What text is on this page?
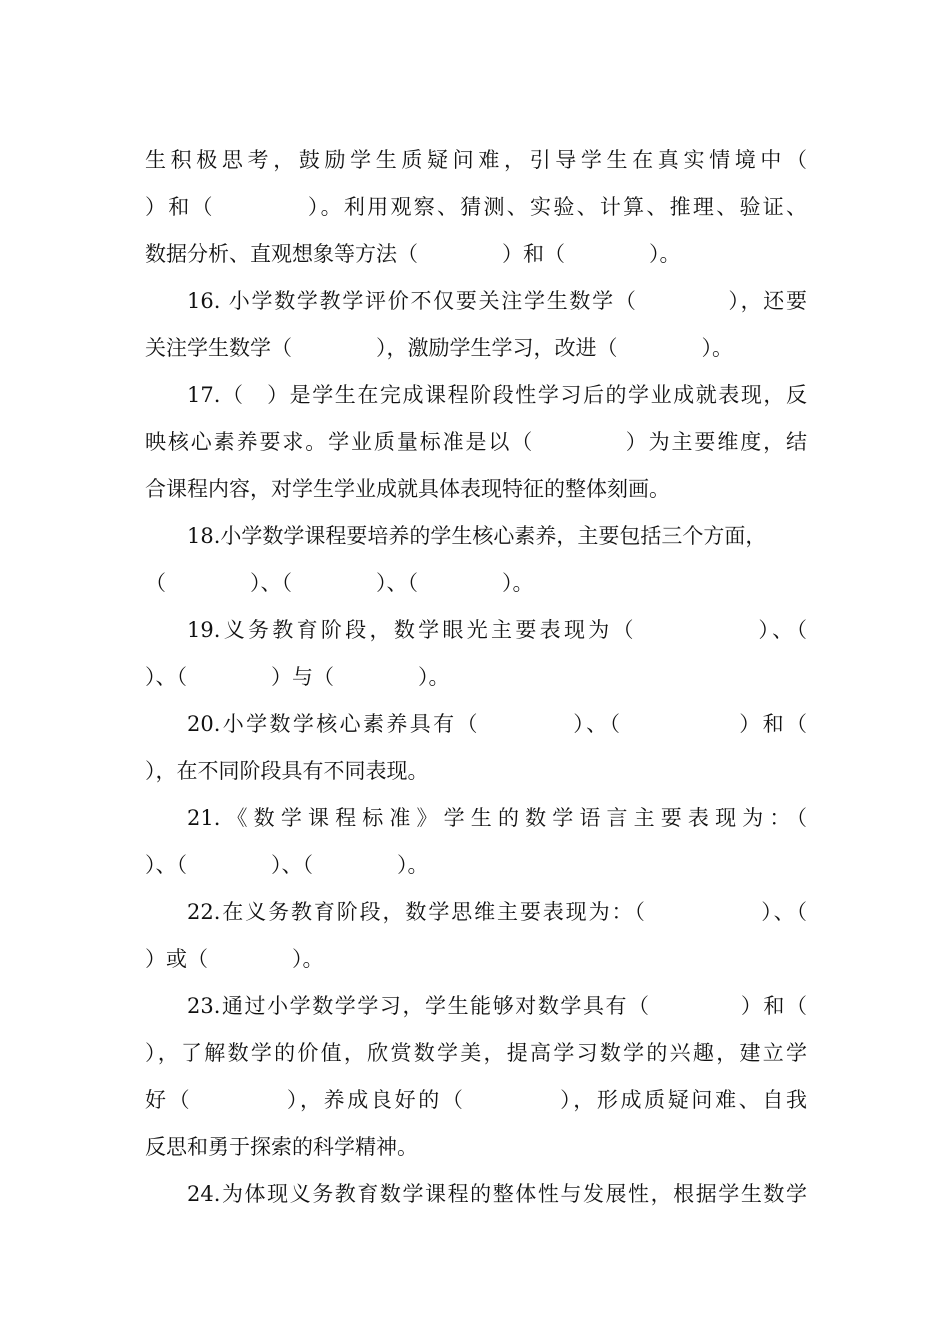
生积极思考，鼓励学生质疑问难，引导学生在真实情境中（
）和（　　　　）。利用观察、猜测、实验、计算、推理、验证、
数据分析、直观想象等方法（　　　　）和（　　　　）。
16. 小学数学教学评价不仅要关注学生数学（　　　　），还要
关注学生数学（　　　　），激励学生学习，改进（　　　　）。
17.（　）是学生在完成课程阶段性学习后的学业成就表现，反
映核心素养要求。学业质量标准是以（　　　　）为主要维度，结
合课程内容，对学生学业成就具体表现特征的整体刻画。
18.小学数学课程要培养的学生核心素养，主要包括三个方面，
（　　　　）、（　　　　）、（　　　　）。
19.义务教育阶段，数学眼光主要表现为（　　　　　）、（
）、（　　　　）与（　　　　）。
20.小学数学核心素养具有（　　　　）、（　　　　　）和（
），在不同阶段具有不同表现。
21.《数学课程标准》学生的数学语言主要表现为：（
）、（　　　　）、（　　　　）。
22.在义务教育阶段，数学思维主要表现为：（　　　　　）、（
）或（　　　　）。
23.通过小学数学学习，学生能够对数学具有（　　　　）和（
），了解数学的价值，欣赏数学美，提高学习数学的兴趣，建立学
好（　　　　），养成良好的（　　　　），形成质疑问难、自我
反思和勇于探索的科学精神。
24.为体现义务教育数学课程的整体性与发展性，根据学生数学
